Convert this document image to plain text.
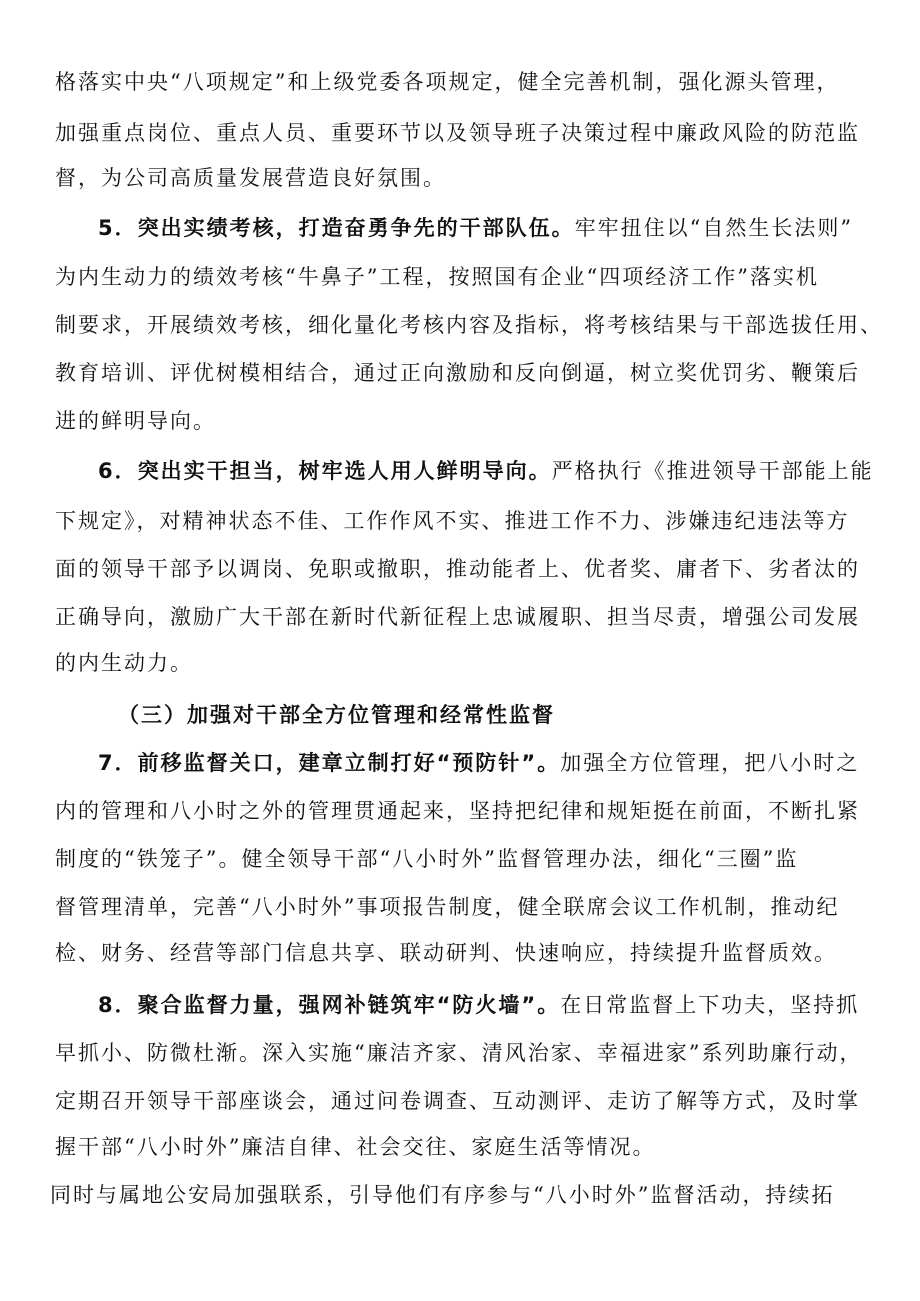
格落实中央“八项规定”和上级党委各项规定，健全完善机制，强化源头管理，
加强重点岗位、重点人员、重要环节以及领导班子决策过程中廉政风险的防范监
督，为公司高质量发展营造良好氛围。
5．突出实绩考核，打造奋勇争先的干部队伍。牢牢扭住以“自然生长法则”
为内生动力的绩效考核“牛鼻子”工程，按照国有企业“四项经济工作”落实机
制要求，开展绩效考核，细化量化考核内容及指标，将考核结果与干部选拔任用、
教育培训、评优树模相结合，通过正向激励和反向倒逼，树立奖优罚劣、鞭策后
进的鲜明导向。
6．突出实干担当，树牢选人用人鲜明导向。严格执行《推进领导干部能上能
下规定》，对精神状态不佳、工作作风不实、推进工作不力、涉嫌违纪违法等方
面的领导干部予以调岗、免职或撤职，推动能者上、优者奖、庸者下、劣者汰的
正确导向，激励广大干部在新时代新征程上忠诚履职、担当尽责，增强公司发展
的内生动力。
（三）加强对干部全方位管理和经常性监督
7．前移监督关口，建章立制打好“预防针”。加强全方位管理，把八小时之
内的管理和八小时之外的管理贯通起来，坚持把纪律和规矩挺在前面，不断扎紧
制度的“铁笼子”。健全领导干部“八小时外”监督管理办法，细化“三圈”监
督管理清单，完善“八小时外”事项报告制度，健全联席会议工作机制，推动纪
检、财务、经营等部门信息共享、联动研判、快速响应，持续提升监督质效。
8．聚合监督力量，强网补链筑牢“防火墙”。在日常监督上下功夫，坚持抓
早抓小、防微杜渐。深入实施“廉洁齐家、清风治家、幸福进家”系列助廉行动，
定期召开领导干部座谈会，通过问卷调查、互动测评、走访了解等方式，及时掌
握干部“八小时外”廉洁自律、社会交往、家庭生活等情况。
同时与属地公安局加强联系，引导他们有序参与“八小时外”监督活动，持续拓
